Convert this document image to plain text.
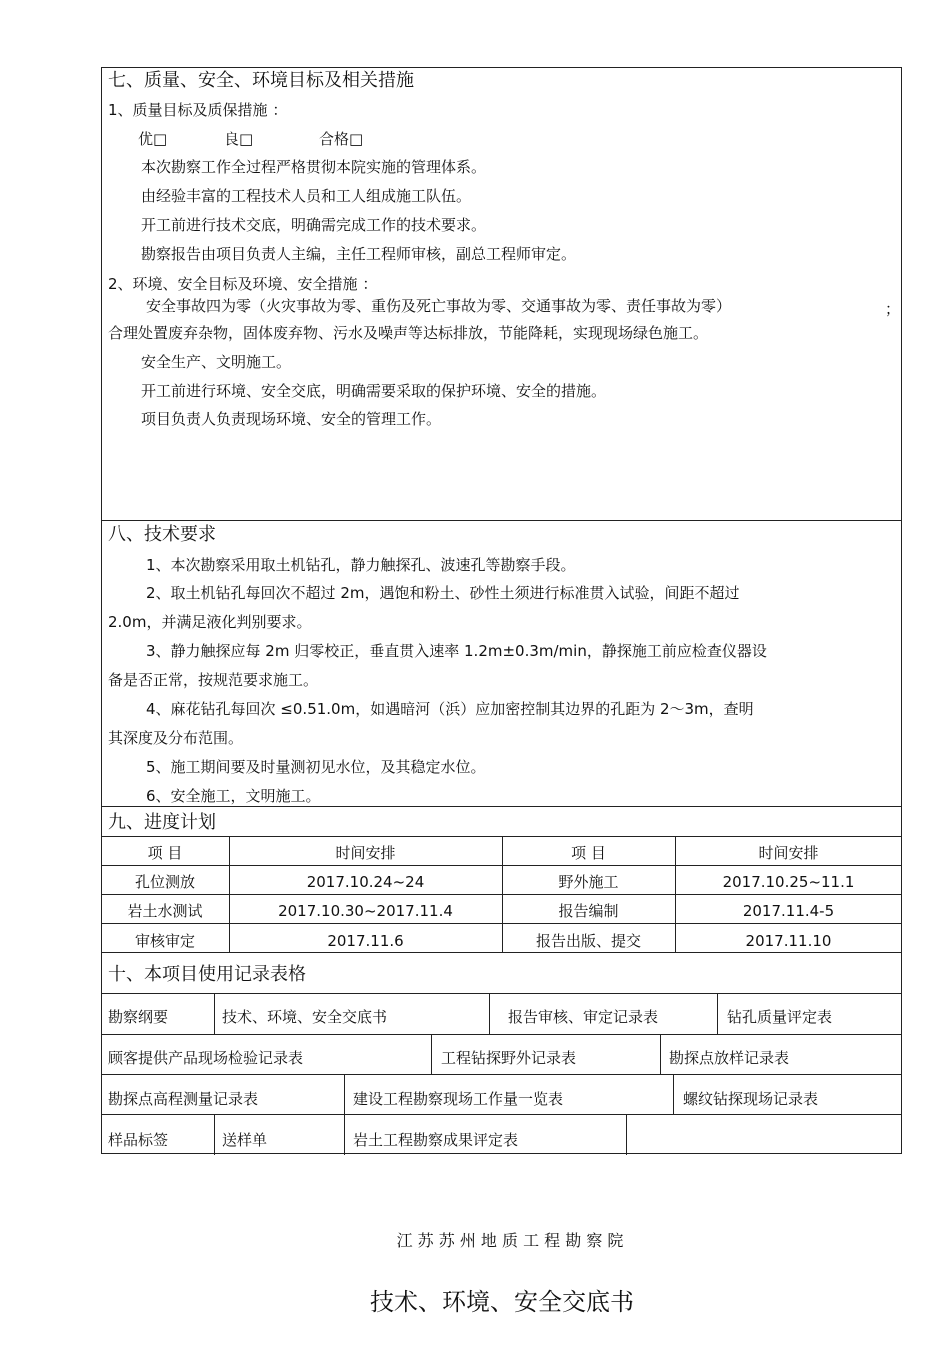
七、质量、安全、环境目标及相关措施
1、质量目标及质保措施 ：
优□	良□	合格□
本次勘察工作全过程严格贯彻本院实施的管理体系。
由经验丰富的工程技术人员和工人组成施工队伍。
开工前进行技术交底，明确需完成工作的技术要求。
勘察报告由项目负责人主编，主任工程师审核，副总工程师审定。
2、环境、安全目标及环境、安全措施 ：
安全事故四为零（火灾事故为零、重伤及死亡事故为零、交通事故为零、责任事故为零）	；
合理处置废弃杂物，固体废弃物、污水及噪声等达标排放，节能降耗，实现现场绿色施工。
安全生产、文明施工。
开工前进行环境、安全交底，明确需要采取的保护环境、安全的措施。
项目负责人负责现场环境、安全的管理工作。
八、技术要求
1、本次勘察采用取土机钻孔，静力触探孔、波速孔等勘察手段。
2、取土机钻孔每回次不超过 2m，遇饱和粉土、砂性土须进行标准贯入试验，间距不超过
2.0m，并满足液化判别要求。
3、静力触探应每 2m 归零校正，垂直贯入速率 1.2m±0.3m/min，静探施工前应检查仪器设
备是否正常，按规范要求施工。
4、麻花钻孔每回次 ≤0.51.0m，如遇暗河（浜）应加密控制其边界的孔距为 2～3m，查明
其深度及分布范围。
5、施工期间要及时量测初见水位，及其稳定水位。
6、安全施工，文明施工。
九、进度计划
项 目	时间安排	项 目	时间安排
孔位测放	2017.10.24~24	野外施工	2017.10.25~11.1
岩土水测试	2017.10.30~2017.11.4	报告编制	2017.11.4-5
审核审定	2017.11.6	报告出版、提交	2017.11.10
十、本项目使用记录表格
勘察纲要	技术、环境、安全交底书	报告审核、审定记录表	钻孔质量评定表
顾客提供产品现场检验记录表	工程钻探野外记录表	勘探点放样记录表
勘探点高程测量记录表	建设工程勘察现场工作量一览表	螺纹钻探现场记录表
样品标签	送样单	岩土工程勘察成果评定表
江 苏 苏 州 地 质 工 程 勘 察 院
技术、环境、安全交底书
